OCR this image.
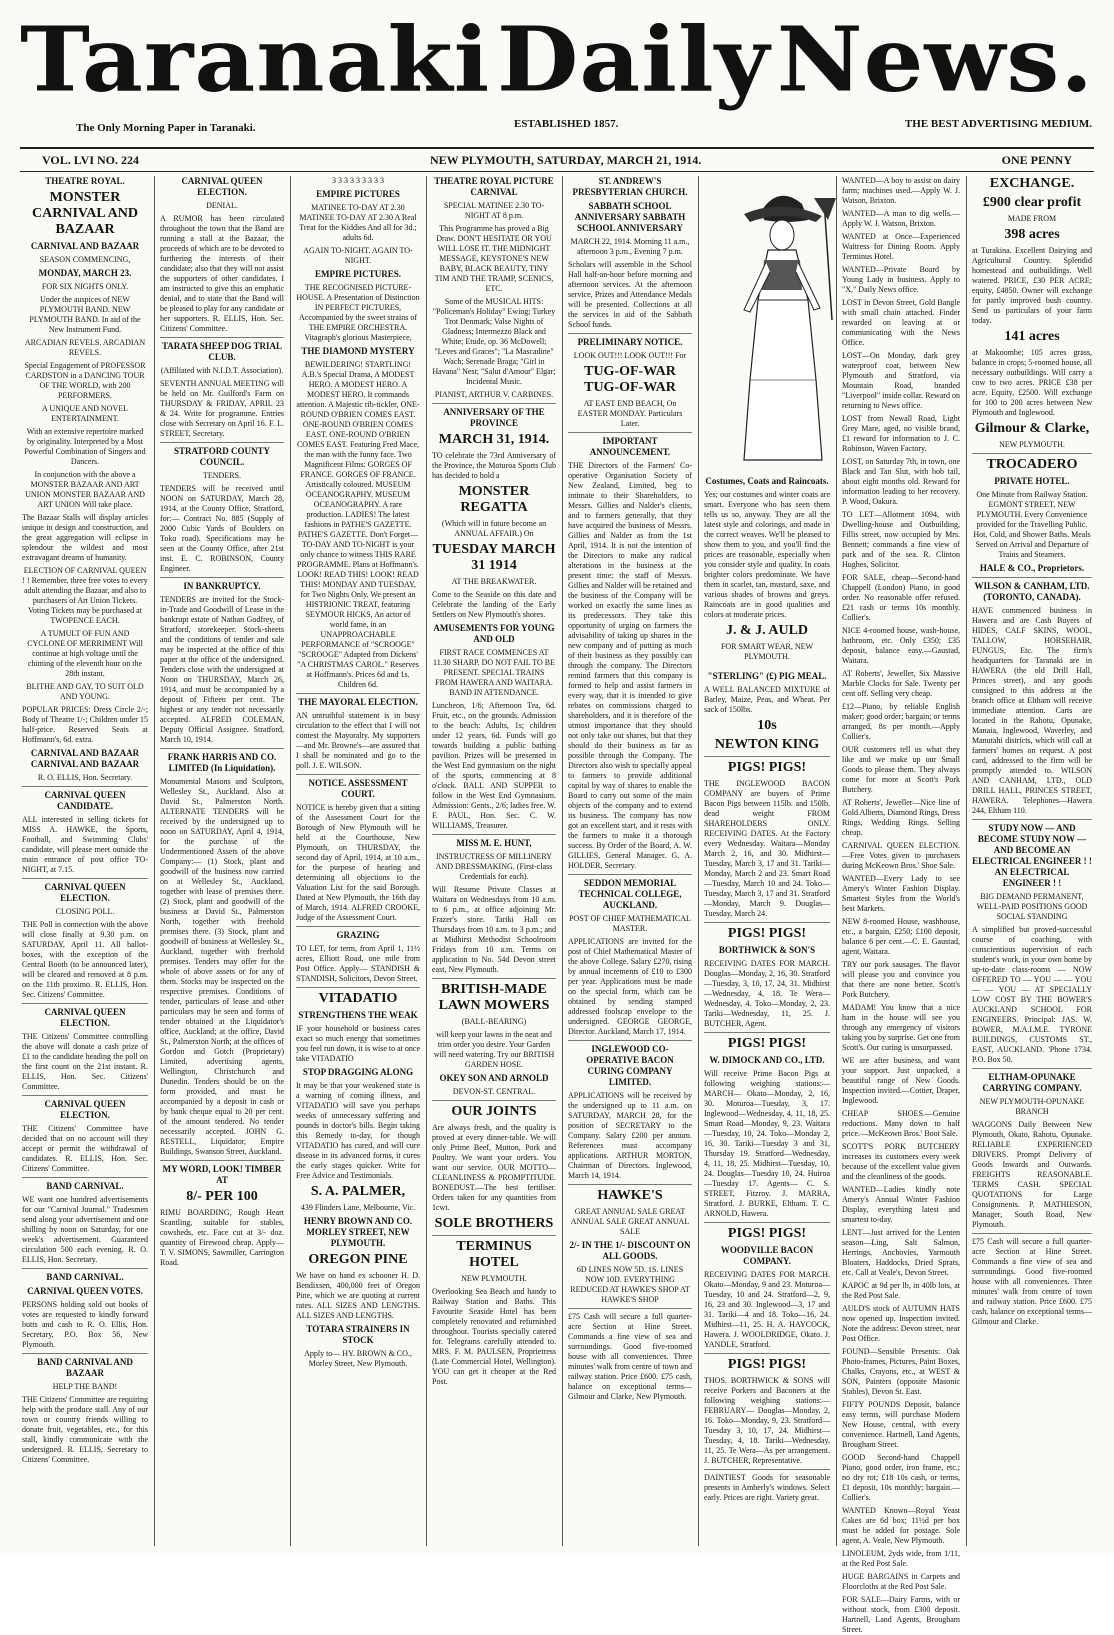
Taranaki Daily News.
The Only Morning Paper in Taranaki.	ESTABLISHED 1857.	THE BEST ADVERTISING MEDIUM.
VOL. LVI NO. 224	NEW PLYMOUTH, SATURDAY, MARCH 21, 1914.	ONE PENNY
THEATRE ROYAL.
MONSTER CARNIVAL AND BAZAAR
CARNIVAL AND BAZAAR
SEASON COMMENCING,
MONDAY, MARCH 23.
FOR SIX NIGHTS ONLY.
Under the auspices of NEW PLYMOUTH BAND. NEW PLYMOUTH BAND. In aid of the New Instrument Fund.
ARCADIAN REVELS. ARCADIAN REVELS.
Special Engagement of PROFESSOR CARDSTON in a DANCING TOUR OF THE WORLD, with 200 PERFORMERS.
A UNIQUE AND NOVEL ENTERTAINMENT.
With an extensive repertoire marked by originality. Interpreted by a Most Powerful Combination of Singers and Dancers.
In conjunction with the above a MONSTER BAZAAR AND ART UNION MONSTER BAZAAR AND ART UNION Will take place.
The Bazaar Stalls will display articles unique in design and construction, and the great aggregation will eclipse in splendour the wildest and most extravagant dreams of humanity.
ELECTION OF CARNIVAL QUEEN ! ! Remember, three free votes to every adult attending the Bazaar, and also to purchasers of Art Union Tickets. Voting Tickets may be purchased at TWOPENCE EACH.
A TUMULT OF FUN AND CYCLONE OF MERRIMENT Will continue at high voltage until the chiming of the eleventh hour on the 28th instant.
BLITHE AND GAY, TO SUIT OLD AND YOUNG.
POPULAR PRICES: Dress Circle 2/-; Body of Theatre 1/-; Children under 15 half-price. Reserved Seats at Hoffmann's, 6d. extra.
CARNIVAL AND BAZAAR CARNIVAL AND BAZAAR
R. O. ELLIS, Hon. Secretary.
CARNIVAL QUEEN CANDIDATE.
ALL interested in selling tickets for MISS A. HAWKE, the Sports, Football, and Swimming Clubs' candidate, will please meet outside the main entrance of post office TO-NIGHT, at 7.15.
CARNIVAL QUEEN ELECTION.
CLOSING POLL.
THE Poll in connection with the above will close finally at 9.30 p.m. on SATURDAY, April 11. All ballot-boxes, with the exception of the Central Booth (to be announced later), will be cleared and removed at 8 p.m. on the 11th proximo. R. ELLIS, Hon. Sec. Citizens' Committee.
CARNIVAL QUEEN ELECTION.
THE Citizens' Committee controlling the above will donate a cash prize of £1 to the candidate heading the poll on the first count on the 21st instant. R. ELLIS, Hon. Sec. Citizens' Committee.
CARNIVAL QUEEN ELECTION.
THE Citizens' Committee have decided that on no account will they accept or permit the withdrawal of candidates. R. ELLIS, Hon. Sec. Citizens' Committee.
BAND CARNIVAL.
WE want one hundred advertisements for our "Carnival Journal." Tradesmen send along your advertisement and one shilling by noon on Saturday, for one week's advertisement. Guaranteed circulation 500 each evening. R. O. ELLIS, Hon. Secretary.
BAND CARNIVAL.
CARNIVAL QUEEN VOTES.
PERSONS holding sold out books of votes are requested to kindly forward butts and cash to R. O. Ellis, Hon. Secretary, P.O. Box 56, New Plymouth.
BAND CARNIVAL AND BAZAAR
HELP THE BAND!
THE Citizens' Committee are requiring help with the produce stall. Any of our town or country friends willing to donate fruit, vegetables, etc., for this stall, kindly communicate with the undersigned. R. ELLIS, Secretary to Citizens' Committee.
CARNIVAL QUEEN ELECTION.
DENIAL.
A RUMOR has been circulated throughout the town that the Band are running a stall at the Bazaar, the proceeds of which are to be devoted to furthering the interests of their candidate; also that they will not assist the supporters of other candidates. I am instructed to give this an emphatic denial, and to state that the Band will be pleased to play for any candidate or her supporters. R. ELLIS, Hon. Sec. Citizens' Committee.
TARATA SHEEP DOG TRIAL CLUB.
(Affiliated with N.I.D.T. Association).
SEVENTH ANNUAL MEETING will be held on Mr. Guilford's Farm on THURSDAY & FRIDAY, APRIL 23 & 24. Write for programme. Entries close with Secretary on April 16. F. L. STREET, Secretary.
STRATFORD COUNTY COUNCIL.
TENDERS.
TENDERS will be received until NOON on SATURDAY, March 28, 1914, at the County Office, Stratford, for:— Contract No. 885 (Supply of 2000 Cubic Yards of Boulders on Toko road). Specifications may be seen at the County Office, after 21st inst. E. C. ROBINSON, County Engineer.
IN BANKRUPTCY.
TENDERS are invited for the Stock-in-Trade and Goodwill of Lease in the bankrupt estate of Nathan Godfrey, of Stratford, storekeeper. Stock-sheets and the conditions of tender and sale may be inspected at the office of this paper at the office of the undersigned. Tenders close with the undersigned at Noon on THURSDAY, March 26, 1914, and must be accompanied by a deposit of Fifteen per cent. The highest or any tender not necessarily accepted. ALFRED COLEMAN, Deputy Official Assignee. Stratford, March 10, 1914.
FRANK HARRIS AND CO. LIMITED (In Liquidation).
Monumental Masons and Sculptors, Wellesley St., Auckland. Also at David St., Palmerston North. ALTERNATE TENDERS will be received by the undersigned up to noon on SATURDAY, April 4, 1914, for the purchase of the Undermentioned Assets of the above Company:— (1) Stock, plant and goodwill of the business now carried on at Wellesley St., Auckland, together with lease of premises there. (2) Stock, plant and goodwill of the business at David St., Palmerston North, together with freehold premises there. (3) Stock, plant and goodwill of business at Wellesley St., Auckland, together with freehold premises. Tenders may offer for the whole of above assets or for any of them. Stocks may be inspected on the respective premises. Conditions of tender, particulars of lease and other particulars may be seen and forms of tender obtained at the Liquidator's office, Auckland; at the office, David St., Palmerston North; at the offices of Gordon and Gotch (Proprietary) Limited, advertising agents, Wellington, Christchurch and Dunedin. Tenders should be on the form provided, and must be accompanied by a deposit in cash or by bank cheque equal to 20 per cent. of the amount tendered. No tender necessarily accepted. JOHN G. RESTELL, Liquidator, Empire Buildings, Swanson Street, Auckland.
MY WORD, LOOK! TIMBER AT
8/- PER 100
RIMU BOARDING, Rough Heart Scantling, suitable for stables, cowsheds, etc. Face cut at 3/- doz. quantity of Firewood cheap. Apply— T. V. SIMONS, Sawmiller, Carrington Road.
3 3 3 3 3 3 3 3 3
EMPIRE PICTURES
MATINEE TO-DAY AT 2.30 MATINEE TO-DAY AT 2.30 A Real Treat for the Kiddies And all for 3d.; adults 6d.
AGAIN TO-NIGHT. AGAIN TO-NIGHT.
EMPIRE PICTURES.
THE RECOGNISED PICTURE-HOUSE. A Presentation of Distinction IN PERFECT PICTURES, Accompanied by the sweet strains of THE EMPIRE ORCHESTRA. Vitagraph's glorious Masterpiece,
THE DIAMOND MYSTERY
BEWILDERING! STARTLING! A.B.'s Special Drama, A MODEST HERO. A MODEST HERO. A MODEST HERO. It commands attention. A Majestic rib-tickler, ONE-ROUND O'BRIEN COMES EAST. ONE-ROUND O'BRIEN COMES EAST. ONE-ROUND O'BRIEN COMES EAST. Featuring Fred Mace, the man with the funny face. Two Magnificent Films: GORGES OF FRANCE. GORGES OF FRANCE. Artistically coloured. MUSEUM OCEANOGRAPHY. MUSEUM OCEANOGRAPHY. A rare production. LADIES! The latest fashions in PATHE'S GAZETTE. PATHE'S GAZETTE. Don't Forget— TO-DAY AND TO-NIGHT is your only chance to witness THIS RARE PROGRAMME. Plans at Hoffmann's. LOOK! READ THIS! LOOK! READ THIS! MONDAY AND TUESDAY, for Two Nights Only. We present an HISTRIONIC TREAT, featuring SEYMOUR HICKS, An actor of world fame, in an UNAPPROACHABLE PERFORMANCE of "SCROOGE" "SCROOGE" Adapted from Dickens' "A CHRISTMAS CAROL." Reserves at Hoffmann's. Prices 6d and 1s. Children 6d.
THE MAYORAL ELECTION.
AN untruthful statement is in busy circulation to the effect that I will not contest the Mayoralty. My supporters—and Mr. Browne's—are assured that I shall be nominated and go to the poll. J. E. WILSON.
NOTICE. ASSESSMENT COURT.
NOTICE is hereby given that a sitting of the Assessment Court for the Borough of New Plymouth will be held at the Courthouse, New Plymouth, on THURSDAY, the second day of April, 1914, at 10 a.m., for the purpose of hearing and determining all objections to the Valuation List for the said Borough. Dated at New Plymouth, the 16th day of March, 1914. ALFRED CROOKE, Judge of the Assessment Court.
GRAZING
TO LET, for term, from April 1, 11½ acres, Elliott Road, one mile from Post Office. Apply— STANDISH & STANDISH, Solicitors, Devon Street.
VITADATIO
STRENGTHENS THE WEAK
IF your household or business cares exact so much energy that sometimes you feel run down, it is wise to at once take VITADATIO
STOP DRAGGING ALONG
It may be that your weakened state is a warning of coming illness, and VITADATIO will save you perhaps weeks of unnecessary suffering and pounds in doctor's bills. Begin taking this Remedy to-day, for though VITADATIO has cured, and will cure disease in its advanced forms, it cures the early stages quicker. Write for Free Advice and Testimonials.
S. A. PALMER,
439 Flinders Lane, Melbourne, Vic.
HENRY BROWN AND CO. MORLEY STREET, NEW PLYMOUTH.
OREGON PINE
We have on hand ex schooner H. D. Bendixsen, 400,000 feet of Oregon Pine, which we are quoting at current rates. ALL SIZES AND LENGTHS. ALL SIZES AND LENGTHS.
TOTARA STRAINERS IN STOCK
Apply to— HY. BROWN & CO., Morley Street, New Plymouth.
THEATRE ROYAL PICTURE CARNIVAL
SPECIAL MATINEE 2.30 TO-NIGHT AT 8 p.m.
This Programme has proved a Big Draw. DON'T HESITATE OR YOU WILL LOSE IT. THE MIDNIGHT MESSAGE, KEYSTONE'S NEW BABY, BLACK BEAUTY, TINY TIM AND THE TRAMP, SCENICS, ETC.
Some of the MUSICAL HITS: "Policeman's Holiday" Ewing; Turkey Trot Denmark; Valse Nights of Gladness; Intermezzo Black and White; Etude, op. 36 McDowell; "Leves and Graces"; "La Mascadine" Wach; Serenade Braga; "Girl in Havana" Nest; "Salut d'Amour" Elgar; Incidental Music.
PIANIST, ARTHUR V. CARBINES.
ANNIVERSARY OF THE PROVINCE
MARCH 31, 1914.
TO celebrate the 73rd Anniversary of the Province, the Moturoa Sports Club has decided to hold a
MONSTER REGATTA
(Which will in future become an ANNUAL AFFAIR.) On
TUESDAY MARCH 31 1914
AT THE BREAKWATER.
Come to the Seaside on this date and Celebrate the landing of the Early Settlers on New Plymouth's shores.
AMUSEMENTS FOR YOUNG AND OLD
FIRST RACE COMMENCES AT 11.30 SHARP. DO NOT FAIL TO BE PRESENT. SPECIAL TRAINS FROM HAWERA AND WAITARA. BAND IN ATTENDANCE.
Luncheon, 1/6; Afternoon Tea, 6d. Fruit, etc., on the grounds. Admission to the beach: Adults, 1s; children under 12 years, 6d. Funds will go towards building a public bathing pavilion. Prizes will be presented in the West End gymnasium on the night of the sports, commencing at 8 o'clock. BALL AND SUPPER to follow in the West End Gymnasium. Admission: Gents., 2/6; ladies free. W. F. PAUL, Hon. Sec. C. W. WILLIAMS, Treasurer.
MISS M. E. HUNT,
INSTRUCTRESS OF MILLINERY AND DRESSMAKING. (First-class Credentials for each).
Will Resume Private Classes at Waitara on Wednesdays from 10 a.m. to 6 p.m., at office adjoining Mr. Frazer's store. Tariki Hall on Thursdays from 10 a.m. to 3 p.m.; and at Midhirst Methodist Schoolroom Fridays from 10 a.m. Terms on application to No. 54d Devon street east, New Plymouth.
BRITISH-MADE LAWN MOWERS
(BALL-BEARING)
will keep your lawns in the neat and trim order you desire. Your Garden will need watering. Try our BRITISH GARDEN HOSE.
OKEY SON AND ARNOLD
DEVON-ST. CENTRAL.
OUR JOINTS
Are always fresh, and the quality is proved at every dinner-table. We will only Prime Beef, Mutton, Pork and Poultry. We want your orders. You want our service. OUR MOTTO— CLEANLINESS & PROMPTITUDE. BONEDUST.—The best fertiliser. Orders taken for any quantities from 1cwt.
SOLE BROTHERS
TERMINUS HOTEL
NEW PLYMOUTH.
Overlooking Sea Beach and handy to Railway Station and Baths. This Favourite Seaside Hotel has been completely renovated and refurnished throughout. Tourists specially catered for. Telegrams carefully attended to. MRS. F. M. PAULSEN, Proprietress (Late Commercial Hotel, Wellington). YOU can get it cheaper at the Red Post.
ST. ANDREW'S PRESBYTERIAN CHURCH.
SABBATH SCHOOL ANNIVERSARY SABBATH SCHOOL ANNIVERSARY
MARCH 22, 1914. Morning 11 a.m., afternoon 3 p.m., Evening 7 p.m.
Scholars will assemble in the School Hall half-an-hour before morning and afternoon services. At the afternoon service, Prizes and Attendance Medals will be presented. Collections at all the services in aid of the Sabbath School funds.
PRELIMINARY NOTICE.
LOOK OUT!!! LOOK OUT!!! For
TUG-OF-WAR TUG-OF-WAR
AT EAST END BEACH, On EASTER MONDAY. Particulars Later.
IMPORTANT ANNOUNCEMENT.
THE Directors of the Farmers' Co-operative Organisation Society of New Zealand, Limited, beg to intimate to their Shareholders, to Messrs. Gillies and Nalder's clients, and to farmers generally, that they have acquired the business of Messrs. Gillies and Nalder as from the 1st April, 1914. It is not the intention of the Directors to make any radical alterations in the business at the present time; the staff of Messrs. Gillies and Nalder will be retained and the business of the Company will be worked on exactly the same lines as its predecessors. They take this opportunity of urging on farmers the advisability of taking up shares in the new company and of putting as much of their business as they possibly can through the company. The Directors remind farmers that this company is formed to help and assist farmers in every way, that it is intended to give rebates on commissions charged to shareholders, and it is therefore of the utmost importance that they should not only take out shares, but that they should do their business as far as possible through the Company. The Directors also wish to specially appeal to farmers to provide additional capital by way of shares to enable the Board to carry out some of the main objects of the company and to extend its business. The company has now got an excellent start, and it rests with the farmers to make it a thorough success. By Order of the Board, A. W. GILLIES, General Manager. G. A. HOLDER, Secretary.
SEDDON MEMORIAL TECHNICAL COLLEGE, AUCKLAND.
POST OF CHIEF MATHEMATICAL MASTER.
APPLICATIONS are invited for the post of Chief Mathematical Master of the above College. Salary £270, rising by annual increments of £10 to £300 per year. Applications must be made on the special form, which can be obtained by sending stamped addressed foolscap envelope to the undersigned. GEORGE GEORGE, Director. Auckland, March 17, 1914.
INGLEWOOD CO-OPERATIVE BACON CURING COMPANY LIMITED.
APPLICATIONS will be received by the undersigned up to 11 a.m. on SATURDAY, MARCH 28, for the position of SECRETARY to the Company. Salary £200 per annum. References must accompany applications. ARTHUR MORTON, Chairman of Directors. Inglewood, March 14, 1914.
HAWKE'S
GREAT ANNUAL SALE GREAT ANNUAL SALE GREAT ANNUAL SALE
2/- IN THE 1/- DISCOUNT ON ALL GOODS.
6D LINES NOW 5D. 1S. LINES NOW 10D. EVERYTHING REDUCED AT HAWKE'S SHOP AT HAWKE'S SHOP
£75 Cash will secure a full quarter-acre Section at Hine Street. Commands a fine view of sea and surroundings. Good five-roomed house with all conveniences. Three minutes' walk from centre of town and railway station. Price £600. £75 cash, balance on exceptional terms—Gilmour and Clarke, New Plymouth.
Costumes, Coats and Raincoats.
Yes; our costumes and winter coats are smart. Everyone who has seen them tells us so, anyway. They are all the latest style and colorings, and made in the correct weaves. We'll be pleased to show them to you, and you'll find the prices are reasonable, especially when you consider style and quality. In coats brighter colors predominate. We have them in scarlet, tan, mustard, saxe, and various shades of browns and greys. Raincoats are in good qualities and colors at moderate prices.
J. & J. AULD
FOR SMART WEAR, NEW PLYMOUTH.
"STERLING" (£) PIG MEAL.
A WELL BALANCED MIXTURE of Barley, Maize, Peas, and Wheat. Per sack of 150lbs.
10s
NEWTON KING
PIGS! PIGS!
THE INGLEWOOD BACON COMPANY are buyers of Prime Bacon Pigs between 115lb. and 150lb. dead weight FROM SHAREHOLDERS ONLY. RECEIVING DATES. At the Factory every Wednesday. Waitara—Monday March 2, 16, and 30. Midhirst—Tuesday, March 3, 17 and 31. Tariki—Monday, March 2 and 23. Smart Road—Tuesday, March 10 and 24. Toko—Tuesday, March 3, 17 and 31. Stratford—Monday, March 9. Douglas—Tuesday, March 24.
PIGS! PIGS!
BORTHWICK & SON'S
RECEIVING DATES FOR MARCH. Douglas—Monday, 2, 16, 30. Stratford—Tuesday, 3, 10, 17, 24, 31. Midhirst—Wednesday, 4, 18. Te Wera—Wednesday, 4. Toko—Monday, 2, 23. Tariki—Wednesday, 11, 25. J. BUTCHER, Agent.
PIGS! PIGS!
W. DIMOCK AND CO., LTD.
Will receive Prime Bacon Pigs at following weighing stations:— MARCH— Okato—Monday, 2, 16, 30. Moturoa—Tuesday, 3, 17. Inglewood—Wednesday, 4, 11, 18, 25. Smart Road—Monday, 9, 23. Waitara—Tuesday, 10, 24. Toko—Monday 2, 16, 30. Tariki—Tuesday 3 and 31, Thursday 19. Stratford—Wednesday, 4, 11, 18, 25. Midhirst—Tuesday, 10, 24. Douglas—Tuesday 10, 24. Huiroa—Tuesday 17. Agents— C. S. STREET, Fitzroy. J. MARRA, Stratford. J. BURKE, Eltham. T. C. ARNOLD, Hawera.
PIGS! PIGS!
WOODVILLE BACON COMPANY.
RECEIVING DATES FOR MARCH. Okato—Monday, 9 and 23. Moturoa—Tuesday, 10 and 24. Stratford—2, 9, 16, 23 and 30. Inglewood—3, 17 and 31. Tariki—4 and 18. Toko—16, 24. Midhirst—11, 25. H. A. HAYCOCK, Hawera. J. WOOLDRIDGE, Okato. J. YANDLE, Stratford.
PIGS! PIGS!
THOS. BORTHWICK & SONS will receive Porkers and Baconers at the following weighing stations:— FEBRUARY— Douglas—Monday, 2, 16. Toko—Monday, 9, 23. Stratford—Tuesday 3, 10, 17, 24. Midhirst—Tuesday, 4, 18. Tariki—Wednesday, 11, 25. Te Wera—As per arrangement. J. BUTCHER, Representative.
DAINTIEST Goods for seasonable presents in Amberly's windows. Select early. Prices are right. Variety great.
WANTED—A boy to assist on dairy farm; machines used.—Apply W. J. Watson, Brixton.
WANTED—A man to dig wells.—Apply W. J. Watson, Brixton.
WANTED at Once—Experienced Waitress for Dining Room. Apply Terminus Hotel.
WANTED—Private Board by Young Lady in business. Apply to "X," Daily News office.
LOST in Devon Street, Gold Bangle with small chain attached. Finder rewarded on leaving at or communicating with the News Office.
LOST—On Monday, dark grey waterproof coat, between New Plymouth and Stratford, via Mountain Road, branded "Liverpool" inside collar. Reward on returning to News office.
LOST from Newall Road, Light Grey Mare, aged, no visible brand, £1 reward for information to J. C. Robinson, Waven Factory.
LOST, on Saturday 7th, in town, one Black and Tan Slut, with bob tail, about eight months old. Reward for information leading to her recovery. P. Wood, Oakura.
TO LET—Allotment 1094, with Dwelling-house and Outbuilding, Fillis street, now occupied by Mrs. Bennett; commands a fine view of park and of the sea. R. Clinton Hughes, Solicitor.
FOR SALE, cheap—Second-hand Chappell (London) Piano, in good order. No reasonable offer refused. £21 cash or terms 10s monthly. Collier's.
NICE 4-roomed house, wash-house, bathroom, etc. Only £350; £35 deposit, balance easy.—Gaustad, Waitara.
AT Roberts', Jeweller, Six Massive Marble Clocks for Sale. Twenty per cent off. Selling very cheap.
£12—Piano, by reliable English maker; good order; bargain; or terms arranged, 8s per month.—Apply Collier's.
OUR customers tell us what they like and we make up our Small Goods to please them. They always come for more at Scott's Pork Butchery.
AT Roberts', Jeweller—Nice line of Gold Alberts, Diamond Rings, Dress Rings, Wedding Rings. Selling cheap.
CARNIVAL QUEEN ELECTION.—Free Votes given to purchasers during McKeown Bros.' Shoe Sale.
WANTED—Every Lady to see Amery's Winter Fashion Display. Smartest Styles from the World's best Markets.
NEW 8-roomed House, washhouse, etc., a bargain, £250; £100 deposit, balance 6 per cent.—C. E. Gaustad, agent, Waitara.
TRY our pork sausages. The flavor will please you and convince you that there are none better. Scott's Pork Butchery.
MADAM! You know that a nice ham in the house will see you through any emergency of visitors taking you by surprise. Get one from Scott's. Our curing is unsurpassed.
WE are after business, and want your support. Just unpacked, a beautiful range of New Goods. Inspection invited.—Cottier, Draper, Inglewood.
CHEAP SHOES.—Genuine reductions. Many down to half price.—McKeown Bros.' Boot Sale.
SCOTT'S PORK BUTCHERY increases its customers every week because of the excellent value given and the cleanliness of the goods.
WANTED—Ladies kindly note Amery's Annual Winter Fashion Display, everything latest and smartest to-day.
LENT—Just arrived for the Lenten season—Ling, Salt Salmon, Herrings, Anchovies, Yarmouth Bloaters, Haddocks, Dried Sprats, etc. Call at Veale's, Devon Street.
KAPOC at 9d per lb, in 40lb lots, at the Red Post Sale.
AULD'S stock of AUTUMN HATS now opened up. Inspection invited. Note the address: Devon street, near Post Office.
FOUND—Sensible Presents: Oak Photo-frames, Pictures, Paint Boxes, Chalks, Crayons, etc., at WEST & SON, Painters (opposite Masonic Stables), Devon St. East.
FIFTY POUNDS Deposit, balance easy terms, will purchase Modern New House, central, with every convenience. Hartnell, Land Agents, Brougham Street.
GOOD Second-hand Chappell Piano, good order, iron frame, etc.; no dry rot; £18 10s cash, or terms, £1 deposit, 10s monthly; bargain.—Collier's.
WANTED Known—Royal Yeast Cakes are 6d box; 11½d per box must be added for postage. Sole agent, A. Veale, New Plymouth.
LINOLEUM, 2yds wide, from 1/11, at the Red Post Sale.
HUGE BARGAINS in Carpets and Floorcloths at the Red Post Sale.
FOR SALE—Dairy Farms, with or without stock, from £300 deposit. Hartnell, Land Agents, Brougham Street.
EXCHANGE.
£900 clear profit
MADE FROM
398 acres
at Turakina. Excellent Dairying and Agricultural Country. Splendid homestead and outbuildings. Well watered. PRICE, £30 PER ACRE; equity, £4850. Owner will exchange for partly improved bush country. Send us particulars of your farm today.
141 acres
at Makoombe; 105 acres grass, balance in crops; 5-roomed house, all necessary outbuildings. Will carry a cow to two acres. PRICE £38 per acre. Equity, £2500. Will exchange for 100 to 200 acres between New Plymouth and Inglewood.
Gilmour & Clarke,
NEW PLYMOUTH.
TROCADERO
PRIVATE HOTEL.
One Minute from Railway Station. EGMONT STREET, NEW PLYMOUTH. Every Convenience provided for the Travelling Public. Hot, Cold, and Shower Baths. Meals Served on Arrival and Departure of Trains and Steamers.
HALE & CO., Proprietors.
WILSON & CANHAM, LTD. (TORONTO, CANADA).
HAVE commenced business in Hawera and are Cash Buyers of HIDES, CALF SKINS, WOOL, TALLOW, HORSEHAIR, FUNGUS, Etc. The firm's headquarters for Taranaki are in HAWERA (the old Drill Hall, Princes street), and any goods consigned to this address at the branch office at Eltham will receive immediate attention. Carts are located in the Rahotu, Opunake, Manaia, Inglewood, Waverley, and Manutahi districts, which will call at farmers' homes on request. A post card, addressed to the firm will be promptly attended to. WILSON AND CANHAM, LTD., OLD DRILL HALL, PRINCES STREET, HAWERA. Telephones—Hawera 244, Eltham 110.
STUDY NOW — AND BECOME STUDY NOW — AND BECOME AN ELECTRICAL ENGINEER ! ! AN ELECTRICAL ENGINEER ! !
BIG DEMAND PERMANENT, WELL-PAID POSITIONS GOOD SOCIAL STANDING
A simplified but proved-successful course of coaching, with conscientious supervision of each student's work, in your own home by up-to-date class-rooms — NOW OFFERED TO — YOU — — YOU — — YOU — AT SPECIALLY LOW COST BY THE BOWER'S AUCKLAND SCHOOL FOR ENGINEERS. Principal: JAS. W. BOWER, M.A.I.M.E. TYRONE BUILDINGS, CUSTOMS ST., EAST, AUCKLAND. 'Phone 1734. P.O. Box 50.
ELTHAM-OPUNAKE CARRYING COMPANY.
NEW PLYMOUTH-OPUNAKE BRANCH
WAGGONS Daily Between New Plymouth, Okato, Rahotu, Opunake. RELIABLE EXPERIENCED DRIVERS. Prompt Delivery of Goods Inwards and Outwards. FREIGHTS REASONABLE. TERMS CASH. SPECIAL QUOTATIONS for Large Consignments. P. MATHIESON, Manager, South Road, New Plymouth.
£75 Cash will secure a full quarter-acre Section at Hine Street. Commands a fine view of sea and surroundings. Good five-roomed house with all conveniences. Three minutes' walk from centre of town and railway station. Price £600. £75 cash, balance on exceptional terms—Gilmour and Clarke.
